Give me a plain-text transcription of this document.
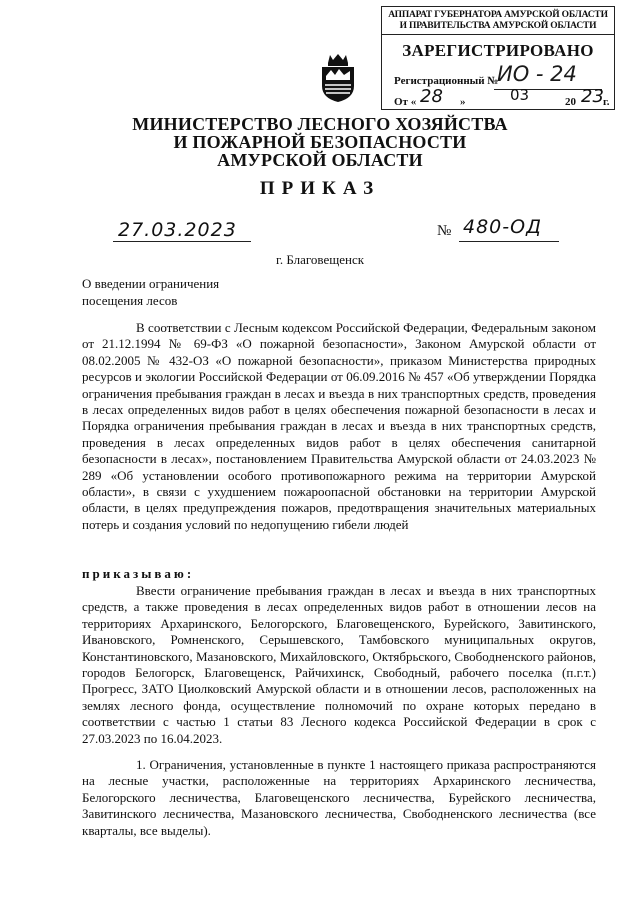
АППАРАТ ГУБЕРНАТОРА АМУРСКОЙ ОБЛАСТИ
И ПРАВИТЕЛЬСТВА АМУРСКОЙ ОБЛАСТИ
ЗАРЕГИСТРИРОВАНО
Регистрационный №
ИО - 24
От « 28 »	03	20 23 г.
МИНИСТЕРСТВО ЛЕСНОГО ХОЗЯЙСТВА
И ПОЖАРНОЙ БЕЗОПАСНОСТИ
АМУРСКОЙ ОБЛАСТИ
ПРИКАЗ
27.03.2023	№ 480-ОД
г. Благовещенск
О введении ограничения
посещения лесов
В соответствии с Лесным кодексом Российской Федерации, Федеральным законом от 21.12.1994 № 69-ФЗ «О пожарной безопасности», Законом Амурской области от 08.02.2005 № 432-ОЗ «О пожарной безопасности», приказом Министерства природных ресурсов и экологии Российской Федерации от 06.09.2016 № 457 «Об утверждении Порядка ограничения пребывания граждан в лесах и въезда в них транспортных средств, проведения в лесах определенных видов работ в целях обеспечения пожарной безопасности в лесах и Порядка ограничения пребывания граждан в лесах и въезда в них транспортных средств, проведения в лесах определенных видов работ в целях обеспечения санитарной безопасности в лесах», постановлением Правительства Амурской области от 24.03.2023 № 289 «Об установлении особого противопожарного режима на территории Амурской области», в связи с ухудшением пожароопасной обстановки на территории Амурской области, в целях предупреждения пожаров, предотвращения значительных материальных потерь и создания условий по недопущению гибели людей
приказываю:
Ввести ограничение пребывания граждан в лесах и въезда в них транспортных средств, а также проведения в лесах определенных видов работ в отношении лесов на территориях Архаринского, Белогорского, Благовещенского, Бурейского, Завитинского, Ивановского, Ромненского, Серышевского, Тамбовского муниципальных округов, Константиновского, Мазановского, Михайловского, Октябрьского, Свободненского районов, городов Белогорск, Благовещенск, Райчихинск, Свободный, рабочего поселка (п.г.т.) Прогресс, ЗАТО Циолковский Амурской области и в отношении лесов, расположенных на землях лесного фонда, осуществление полномочий по охране которых передано в соответствии с частью 1 статьи 83 Лесного кодекса Российской Федерации в срок с 27.03.2023 по 16.04.2023.
1. Ограничения, установленные в пункте 1 настоящего приказа распространяются на лесные участки, расположенные на территориях Архаринского лесничества, Белогорского лесничества, Благовещенского лесничества, Бурейского лесничества, Завитинского лесничества, Мазановского лесничества, Свободненского лесничества (все кварталы, все выделы).
